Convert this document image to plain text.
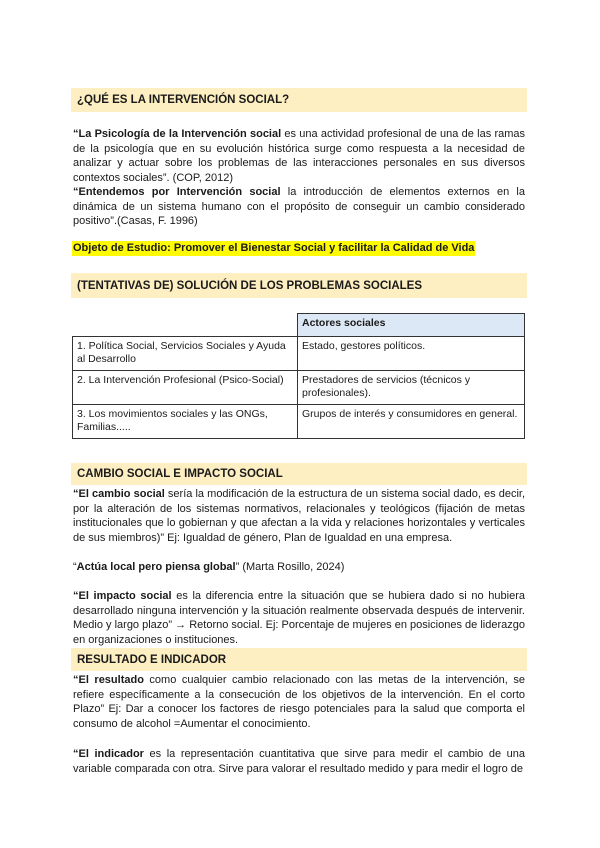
¿QUÉ ES LA INTERVENCIÓN SOCIAL?
“La Psicología de la Intervención social es una actividad profesional de una de las ramas de la psicología que en su evolución histórica surge como respuesta a la necesidad de analizar y actuar sobre los problemas de las interacciones personales en sus diversos contextos sociales”. (COP, 2012)
“Entendemos por Intervención social la introducción de elementos externos en la dinámica de un sistema humano con el propósito de conseguir un cambio considerado positivo”.(Casas, F. 1996)
Objeto de Estudio: Promover el Bienestar Social y facilitar la Calidad de Vida
(TENTATIVAS DE) SOLUCIÓN DE LOS PROBLEMAS SOCIALES
	Actores sociales
1. Política Social, Servicios Sociales y Ayuda al Desarrollo	Estado, gestores políticos.
2. La Intervención Profesional (Psico-Social)	Prestadores de servicios (técnicos y profesionales).
3. Los movimientos sociales y las ONGs, Familias.....	Grupos de interés y consumidores en general.
CAMBIO SOCIAL E IMPACTO SOCIAL
“El cambio social sería la modificación de la estructura de un sistema social dado, es decir, por la alteración de los sistemas normativos, relacionales y teológicos (fijación de metas institucionales que lo gobiernan y que afectan a la vida y relaciones horizontales y verticales de sus miembros)” Ej: Igualdad de género, Plan de Igualdad en una empresa.
“Actúa local pero piensa global” (Marta Rosillo, 2024)
“El impacto social es la diferencia entre la situación que se hubiera dado si no hubiera desarrollado ninguna intervención y la situación realmente observada después de intervenir. Medio y largo plazo” → Retorno social. Ej: Porcentaje de mujeres en posiciones de liderazgo en organizaciones o instituciones.
RESULTADO E INDICADOR
“El resultado como cualquier cambio relacionado con las metas de la intervención, se refiere específicamente a la consecución de los objetivos de la intervención. En el corto Plazo” Ej: Dar a conocer los factores de riesgo potenciales para la salud que comporta el consumo de alcohol =Aumentar el conocimiento.
“El indicador es la representación cuantitativa que sirve para medir el cambio de una variable comparada con otra. Sirve para valorar el resultado medido y para medir el logro de
